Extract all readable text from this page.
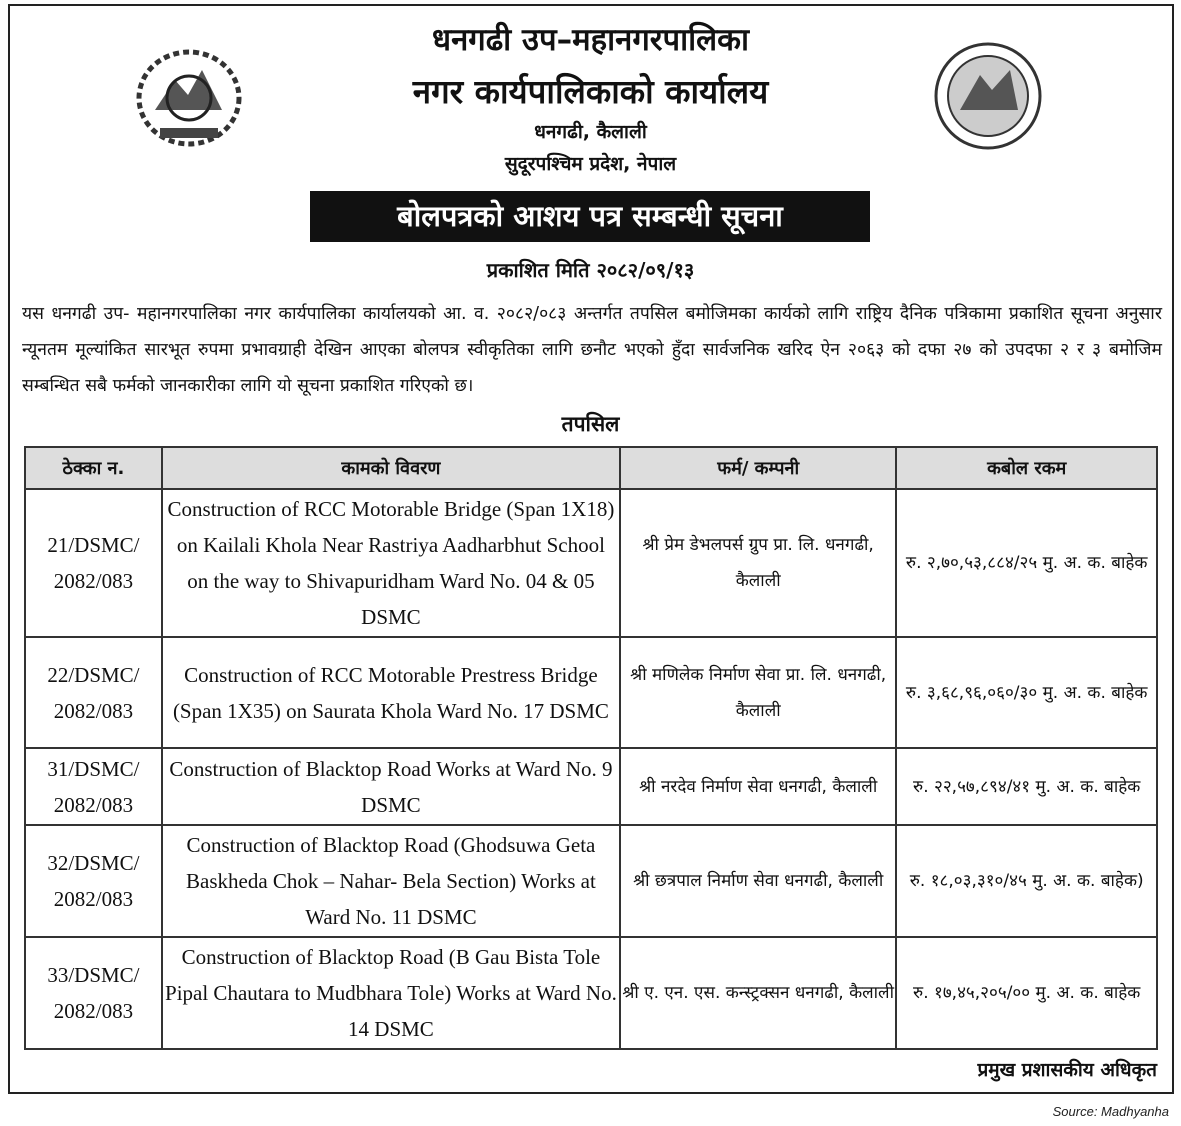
धनगढी उप–महानगरपालिका
नगर कार्यपालिकाको कार्यालय
धनगढी, कैलाली
सुदूरपश्चिम प्रदेश, नेपाल
बोलपत्रको आशय पत्र सम्बन्धी सूचना
प्रकाशित मिति २०८२/०९/१३
यस धनगढी उप- महानगरपालिका नगर कार्यपालिका कार्यालयको आ. व. २०८२/०८३ अन्तर्गत तपसिल बमोजिमका कार्यको लागि राष्ट्रिय दैनिक पत्रिकामा प्रकाशित सूचना अनुसार न्यूनतम मूल्यांकित सारभूत रुपमा प्रभावग्राही देखिन आएका बोलपत्र स्वीकृतिका लागि छनौट भएको हुँदा सार्वजनिक खरिद ऐन २०६३ को दफा २७ को उपदफा २ र ३ बमोजिम सम्बन्धित सबै फर्मको जानकारीका लागि यो सूचना प्रकाशित गरिएको छ।
तपसिल
ठेक्का न.	कामको विवरण	फर्म/ कम्पनी	कबोल रकम
21/DSMC/ 2082/083	Construction of RCC Motorable Bridge (Span 1X18) on Kailali Khola Near Rastriya Aadharbhut School on the way to Shivapuridham Ward No. 04 & 05 DSMC	श्री प्रेम डेभलपर्स ग्रुप प्रा. लि. धनगढी, कैलाली	रु. २,७०,५३,८८४/२५ मु. अ. क. बाहेक
22/DSMC/ 2082/083	Construction of RCC Motorable Prestress Bridge (Span 1X35) on Saurata Khola Ward No. 17 DSMC	श्री मणिलेक निर्माण सेवा प्रा. लि. धनगढी, कैलाली	रु. ३,६८,९६,०६०/३० मु. अ. क. बाहेक
31/DSMC/ 2082/083	Construction of Blacktop Road Works at Ward No. 9 DSMC	श्री नरदेव निर्माण सेवा धनगढी, कैलाली	रु. २२,५७,८९४/४१ मु. अ. क. बाहेक
32/DSMC/ 2082/083	Construction of Blacktop Road (Ghodsuwa Geta Baskheda Chok – Nahar- Bela Section) Works at Ward No. 11 DSMC	श्री छत्रपाल निर्माण सेवा धनगढी, कैलाली	रु. १८,०३,३१०/४५ मु. अ. क. बाहेक)
33/DSMC/ 2082/083	Construction of Blacktop Road (B Gau Bista Tole Pipal Chautara to Mudbhara Tole) Works at Ward No. 14 DSMC	श्री ए. एन. एस. कन्स्ट्रक्सन धनगढी, कैलाली	रु. १७,४५,२०५/०० मु. अ. क. बाहेक
प्रमुख प्रशासकीय अधिकृत
Source: Madhyanha
